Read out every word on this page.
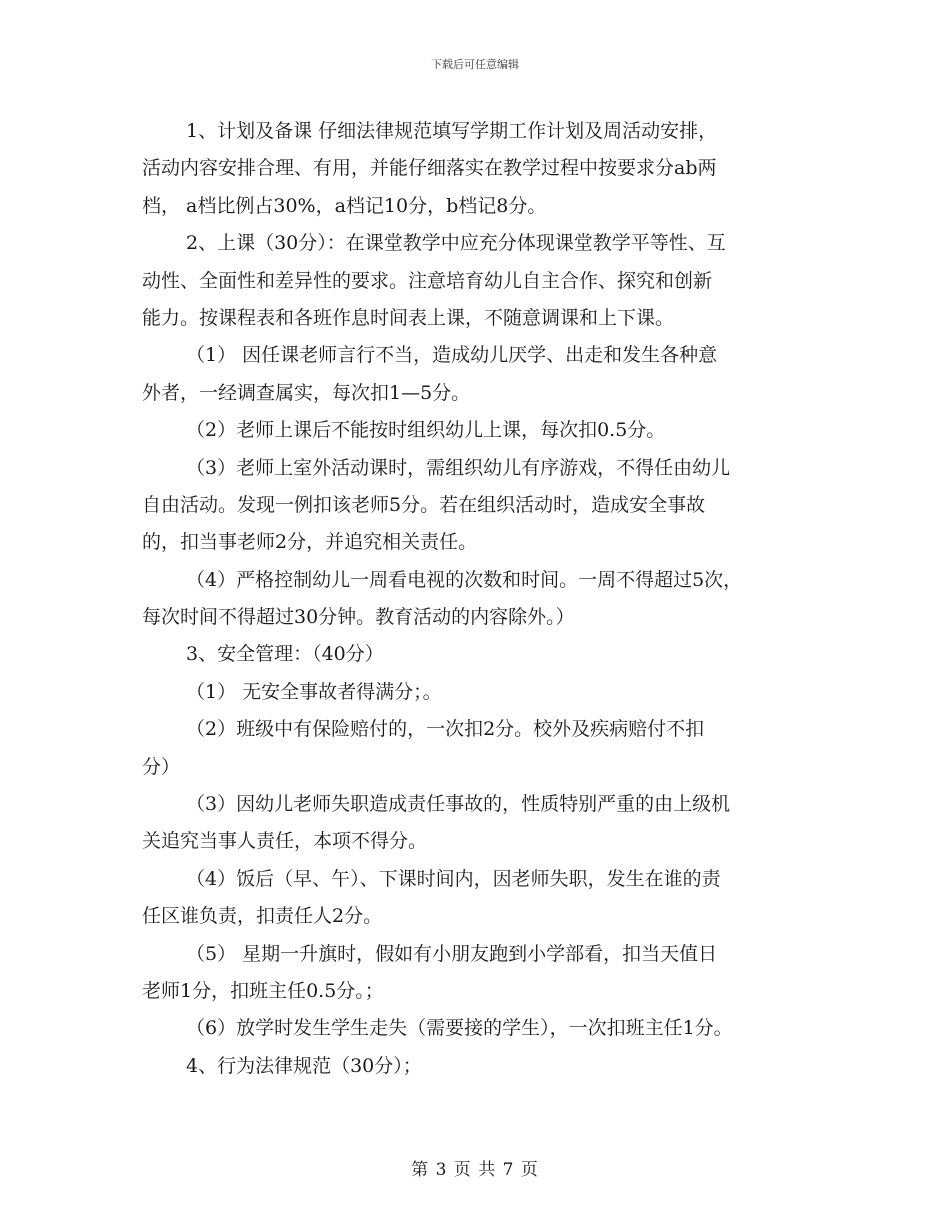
下载后可任意编辑
1、计划及备课 仔细法律规范填写学期工作计划及周活动安排，
活动内容安排合理、有用，并能仔细落实在教学过程中按要求分ab两
档， a档比例占30%，a档记10分，b档记8分。
2、上课（30分）：在课堂教学中应充分体现课堂教学平等性、互
动性、全面性和差异性的要求。注意培育幼儿自主合作、探究和创新
能力。按课程表和各班作息时间表上课，不随意调课和上下课。
（1） 因任课老师言行不当，造成幼儿厌学、出走和发生各种意
外者，一经调查属实，每次扣1—5分。
（2）老师上课后不能按时组织幼儿上课，每次扣0.5分。
（3）老师上室外活动课时，需组织幼儿有序游戏，不得任由幼儿
自由活动。发现一例扣该老师5分。若在组织活动时，造成安全事故
的，扣当事老师2分，并追究相关责任。
（4）严格控制幼儿一周看电视的次数和时间。一周不得超过5次，
每次时间不得超过30分钟。教育活动的内容除外。）
3、安全管理：（40分）
（1） 无安全事故者得满分；。
（2）班级中有保险赔付的，一次扣2分。校外及疾病赔付不扣
分）
（3）因幼儿老师失职造成责任事故的，性质特别严重的由上级机
关追究当事人责任，本项不得分。
（4）饭后（早、午）、下课时间内，因老师失职，发生在谁的责
任区谁负责，扣责任人2分。
（5） 星期一升旗时，假如有小朋友跑到小学部看，扣当天值日
老师1分，扣班主任0.5分。；
（6）放学时发生学生走失（需要接的学生），一次扣班主任1分。
4、行为法律规范（30分）；
第 3 页 共 7 页
